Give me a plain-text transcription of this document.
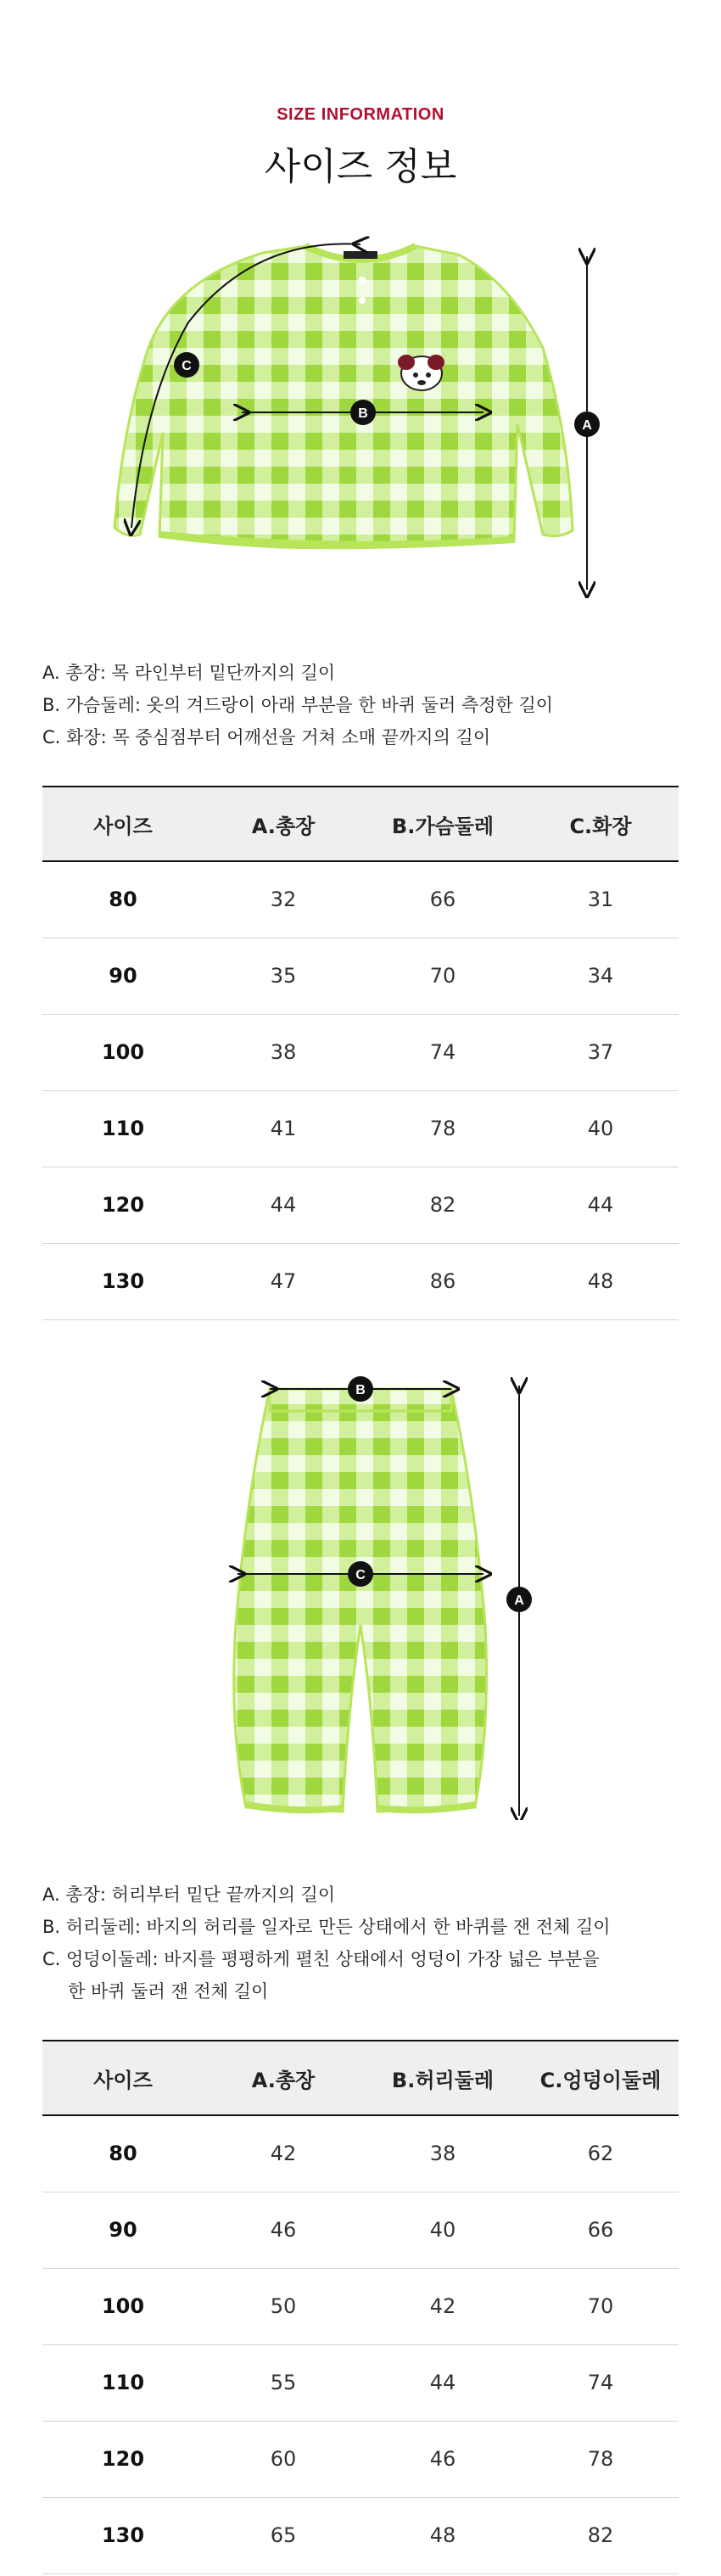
SIZE INFORMATION
사이즈 정보
A
B
C
A. 총장: 목 라인부터 밑단까지의 길이
B. 가슴둘레: 옷의 겨드랑이 아래 부분을 한 바퀴 둘러 측정한 길이
C. 화장: 목 중심점부터 어깨선을 거쳐 소매 끝까지의 길이
사이즈	A.총장	B.가슴둘레	C.화장
80	32	66	31
90	35	70	34
100	38	74	37
110	41	78	40
120	44	82	44
130	47	86	48
B
C
A
A. 총장: 허리부터 밑단 끝까지의 길이
B. 허리둘레: 바지의 허리를 일자로 만든 상태에서 한 바퀴를 잰 전체 길이
C. 엉덩이둘레: 바지를 평평하게 펼친 상태에서 엉덩이 가장 넓은 부분을
한 바퀴 둘러 잰 전체 길이
사이즈	A.총장	B.허리둘레	C.엉덩이둘레
80	42	38	62
90	46	40	66
100	50	42	70
110	55	44	74
120	60	46	78
130	65	48	82
